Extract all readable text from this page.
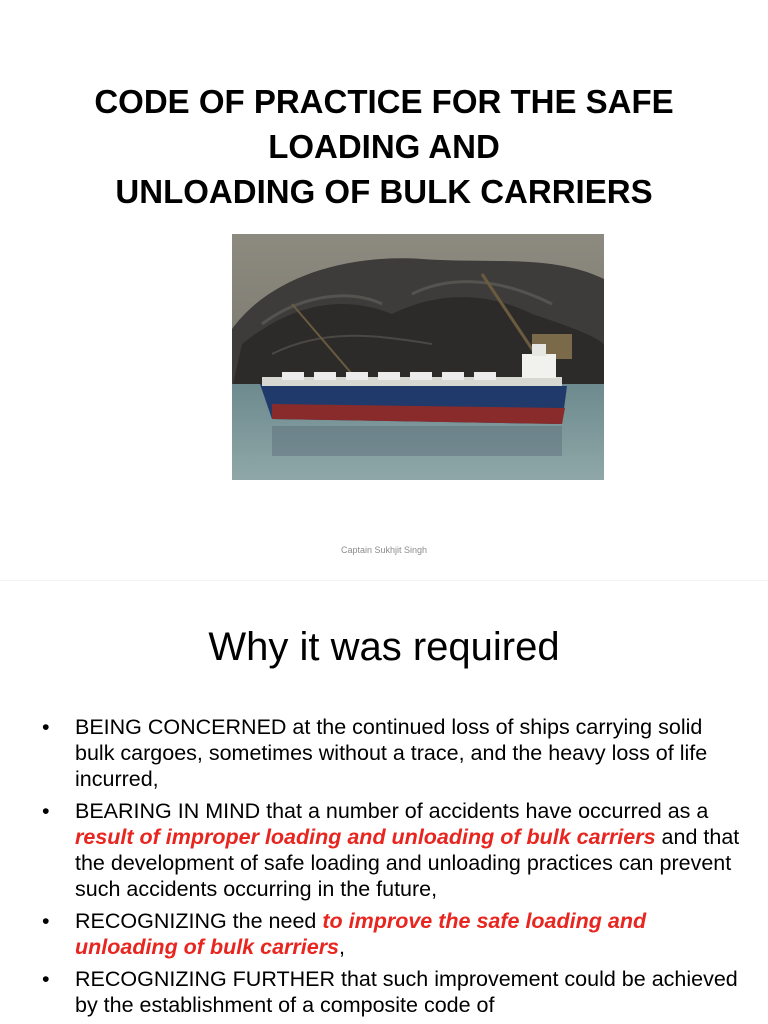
CODE OF PRACTICE FOR THE SAFE
LOADING AND
UNLOADING OF BULK CARRIERS
Captain Sukhjit Singh
Why it was required
• BEING CONCERNED at the continued loss of ships carrying solid bulk cargoes, sometimes without a trace, and the heavy loss of life incurred,
• BEARING IN MIND that a number of accidents have occurred as a result of improper loading and unloading of bulk carriers and that the development of safe loading and unloading practices can prevent such accidents occurring in the future,
• RECOGNIZING the need to improve the safe loading and unloading of bulk carriers,
• RECOGNIZING FURTHER that such improvement could be achieved by the establishment of a composite code of
